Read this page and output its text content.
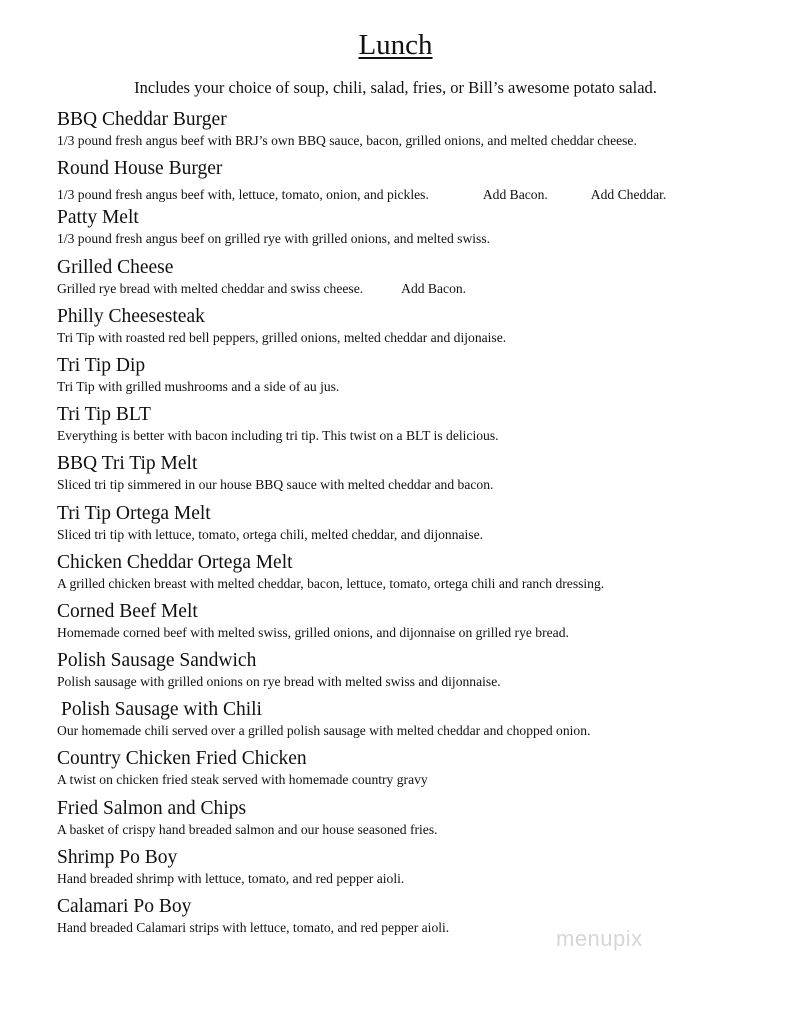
Lunch
Includes your choice of soup, chili, salad, fries, or Bill’s awesome potato salad.
BBQ Cheddar Burger
1/3 pound fresh angus beef with BRJ’s own BBQ sauce, bacon, grilled onions, and melted cheddar cheese.
Round House Burger
1/3 pound fresh angus beef with, lettuce, tomato, onion, and pickles.	Add Bacon.	Add Cheddar.
Patty Melt
1/3 pound fresh angus beef on grilled rye with grilled onions, and melted swiss.
Grilled Cheese
Grilled rye bread with melted cheddar and swiss cheese.	Add Bacon.
Philly Cheesesteak
Tri Tip with roasted red bell peppers, grilled onions, melted cheddar and dijonaise.
Tri Tip Dip
Tri Tip with grilled mushrooms and a side of au jus.
Tri Tip BLT
Everything is better with bacon including tri tip. This twist on a BLT is delicious.
BBQ Tri Tip Melt
Sliced tri tip simmered in our house BBQ sauce with melted cheddar and bacon.
Tri Tip Ortega Melt
Sliced tri tip with lettuce, tomato, ortega chili, melted cheddar, and dijonnaise.
Chicken Cheddar Ortega Melt
A grilled chicken breast with melted cheddar, bacon, lettuce, tomato, ortega chili and ranch dressing.
Corned Beef Melt
Homemade corned beef with melted swiss, grilled onions, and dijonnaise on grilled rye bread.
Polish Sausage Sandwich
Polish sausage with grilled onions on rye bread with melted swiss and dijonnaise.
Polish Sausage with Chili
Our homemade chili served over a grilled polish sausage with melted cheddar and chopped onion.
Country Chicken Fried Chicken
A twist on chicken fried steak served with homemade country gravy
Fried Salmon and Chips
A basket of crispy hand breaded salmon and our house seasoned fries.
Shrimp Po Boy
Hand breaded shrimp with lettuce, tomato, and red pepper aioli.
Calamari Po Boy
Hand breaded Calamari strips with lettuce, tomato, and red pepper aioli.	menupix
